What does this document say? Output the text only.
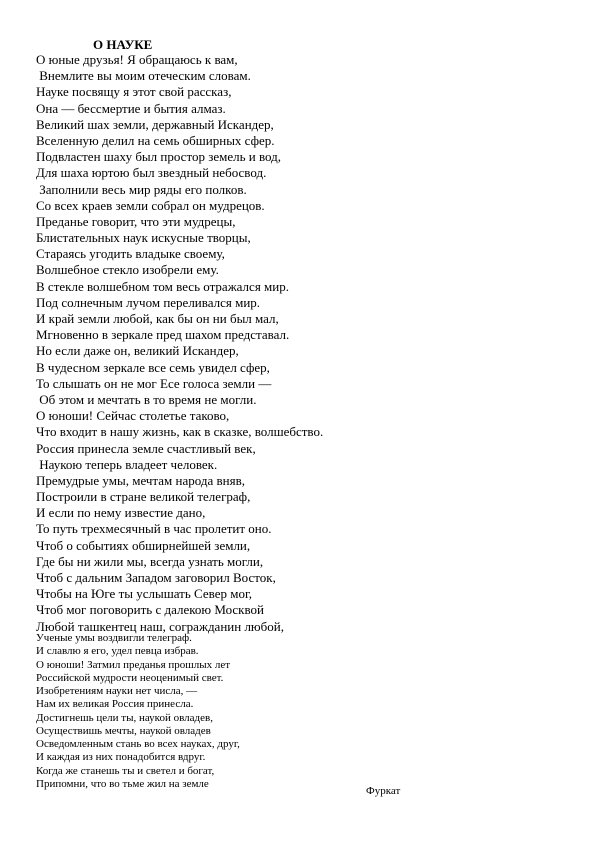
О НАУКЕ
О юные друзья! Я обращаюсь к вам,
Внемлите вы моим отеческим словам.
Науке посвящу я этот свой рассказ,
Она — бессмертие и бытия алмаз.
Великий шах земли, державный Искандер,
Вселенную делил на семь обширных сфер.
Подвластен шаху был простор земель и вод,
Для шаха юртою был звездный небосвод.
Заполнили весь мир ряды его полков.
Со всех краев земли собрал он мудрецов.
Преданье говорит, что эти мудрецы,
Блистательных наук искусные творцы,
Стараясь угодить владыке своему,
Волшебное стекло изобрели ему.
В стекле волшебном том весь отражался мир.
Под солнечным лучом переливался мир.
И край земли любой, как бы он ни был мал,
Мгновенно в зеркале пред шахом представал.
Но если даже он, великий Искандер,
В чудесном зеркале все семь увидел сфер,
То слышать он не мог Есе голоса земли —
Об этом и мечтать в то время не могли.
О юноши! Сейчас столетье таково,
Что входит в нашу жизнь, как в сказке, волшебство.
Россия принесла земле счастливый век,
Наукою теперь владеет человек.
Премудрые умы, мечтам народа вняв,
Построили в стране великой телеграф,
И если по нему известие дано,
То путь трехмесячный в час пролетит оно.
Чтоб о событиях обширнейшей земли,
Где бы ни жили мы, всегда узнать могли,
Чтоб с дальним Западом заговорил Восток,
Чтобы на Юге ты услышать Север мог,
Чтоб мог поговорить с далекою Москвой
Любой ташкентец наш, согражданин любой,
Ученые умы воздвигли телеграф.
И славлю я его, удел певца избрав.
О юноши! Затмил преданья прошлых лет
Российской мудрости неоценимый свет.
Изобретениям науки нет числа, —
Нам их великая Россия принесла.
Достигнешь цели ты, наукой овладев,
Осуществишь мечты, наукой овладев
Осведомленным стань во всех науках, друг,
И каждая из них понадобится вдруг.
Когда же станешь ты и светел и богат,
Припомни, что во тьме жил на земле
Фуркат
